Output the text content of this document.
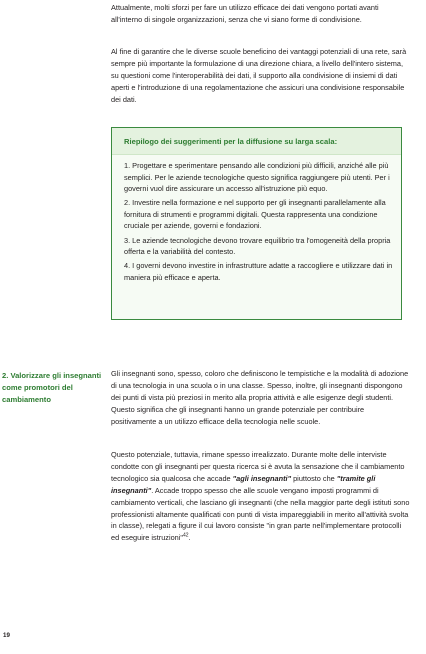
Attualmente, molti sforzi per fare un utilizzo efficace dei dati vengono portati avanti all'interno di singole organizzazioni, senza che vi siano forme di condivisione.

Al fine di garantire che le diverse scuole beneficino dei vantaggi potenziali di una rete, sarà sempre più importante la formulazione di una direzione chiara, a livello dell'intero sistema, su questioni come l'interoperabilità dei dati, il supporto alla condivisione di insiemi di dati aperti e l'introduzione di una regolamentazione che assicuri una condivisione responsabile dei dati.

Riepilogo dei suggerimenti per la diffusione su larga scala:

1. Progettare e sperimentare pensando alle condizioni più difficili, anziché alle più semplici. Per le aziende tecnologiche questo significa raggiungere più utenti. Per i governi vuol dire assicurare un accesso all'istruzione più equo.

2. Investire nella formazione e nel supporto per gli insegnanti parallelamente alla fornitura di strumenti e programmi digitali. Questa rappresenta una condizione cruciale per aziende, governi e fondazioni.

3. Le aziende tecnologiche devono trovare equilibrio tra l'omogeneità della propria offerta e la variabilità del contesto.

4. I governi devono investire in infrastrutture adatte a raccogliere e utilizzare dati in maniera più efficace e aperta.

2. Valorizzare gli insegnanti come promotori del cambiamento

Gli insegnanti sono, spesso, coloro che definiscono le tempistiche e la modalità di adozione di una tecnologia in una scuola o in una classe. Spesso, inoltre, gli insegnanti dispongono dei punti di vista più preziosi in merito alla propria attività e alle esigenze degli studenti. Questo significa che gli insegnanti hanno un grande potenziale per contribuire positivamente a un utilizzo efficace della tecnologia nelle scuole.

Questo potenziale, tuttavia, rimane spesso irrealizzato. Durante molte delle interviste condotte con gli insegnanti per questa ricerca si è avuta la sensazione che il cambiamento tecnologico sia qualcosa che accade "agli insegnanti" piuttosto che "tramite gli insegnanti". Accade troppo spesso che alle scuole vengano imposti programmi di cambiamento verticali, che lasciano gli insegnanti (che nella maggior parte degli istituti sono professionisti altamente qualificati con punti di vista impareggiabili in merito all'attività svolta in classe), relegati a figure il cui lavoro consiste "in gran parte nell'implementare protocolli ed eseguire istruzioni"$^{42}$.

19
